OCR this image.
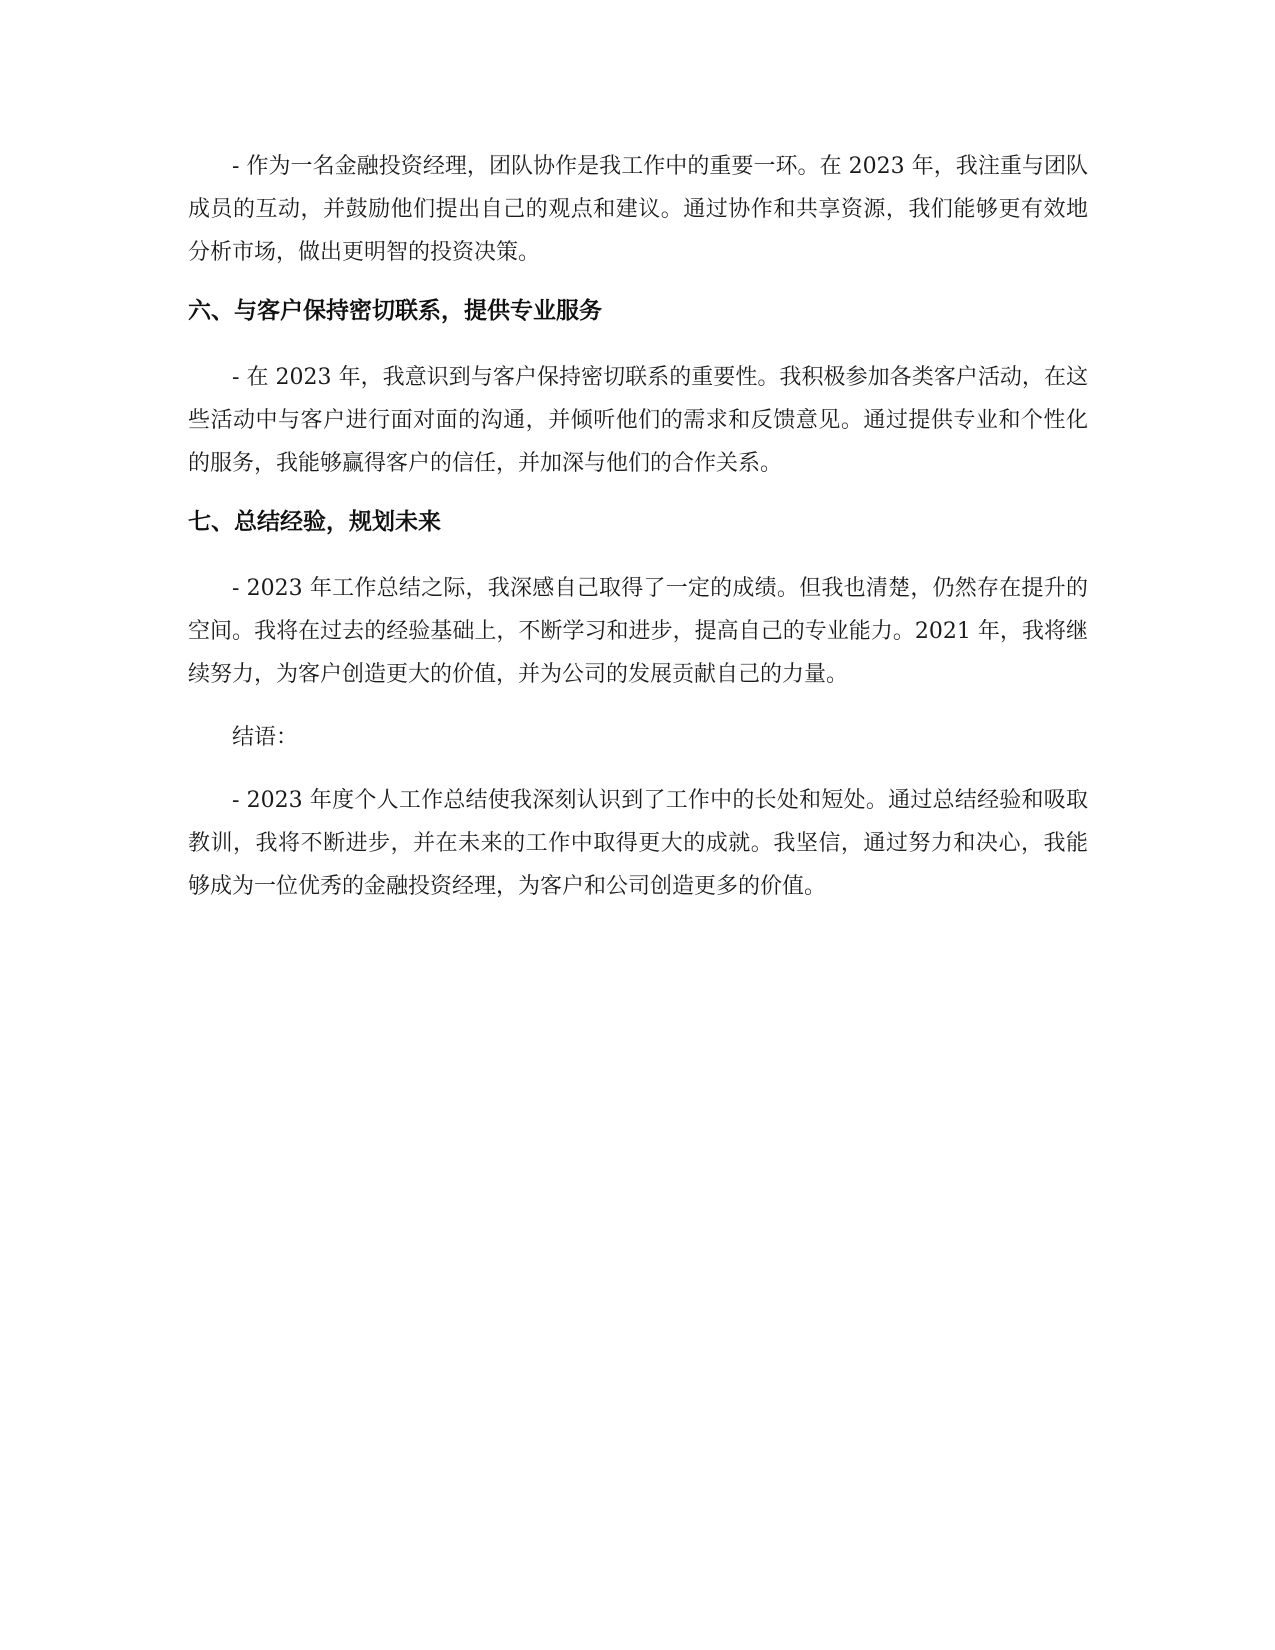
- 作为一名金融投资经理，团队协作是我工作中的重要一环。在 2023 年，我注重与团队成员的互动，并鼓励他们提出自己的观点和建议。通过协作和共享资源，我们能够更有效地分析市场，做出更明智的投资决策。

六、与客户保持密切联系，提供专业服务

- 在 2023 年，我意识到与客户保持密切联系的重要性。我积极参加各类客户活动，在这些活动中与客户进行面对面的沟通，并倾听他们的需求和反馈意见。通过提供专业和个性化的服务，我能够赢得客户的信任，并加深与他们的合作关系。

七、总结经验，规划未来

- 2023 年工作总结之际，我深感自己取得了一定的成绩。但我也清楚，仍然存在提升的空间。我将在过去的经验基础上，不断学习和进步，提高自己的专业能力。2021 年，我将继续努力，为客户创造更大的价值，并为公司的发展贡献自己的力量。

结语：

- 2023 年度个人工作总结使我深刻认识到了工作中的长处和短处。通过总结经验和吸取教训，我将不断进步，并在未来的工作中取得更大的成就。我坚信，通过努力和决心，我能够成为一位优秀的金融投资经理，为客户和公司创造更多的价值。
